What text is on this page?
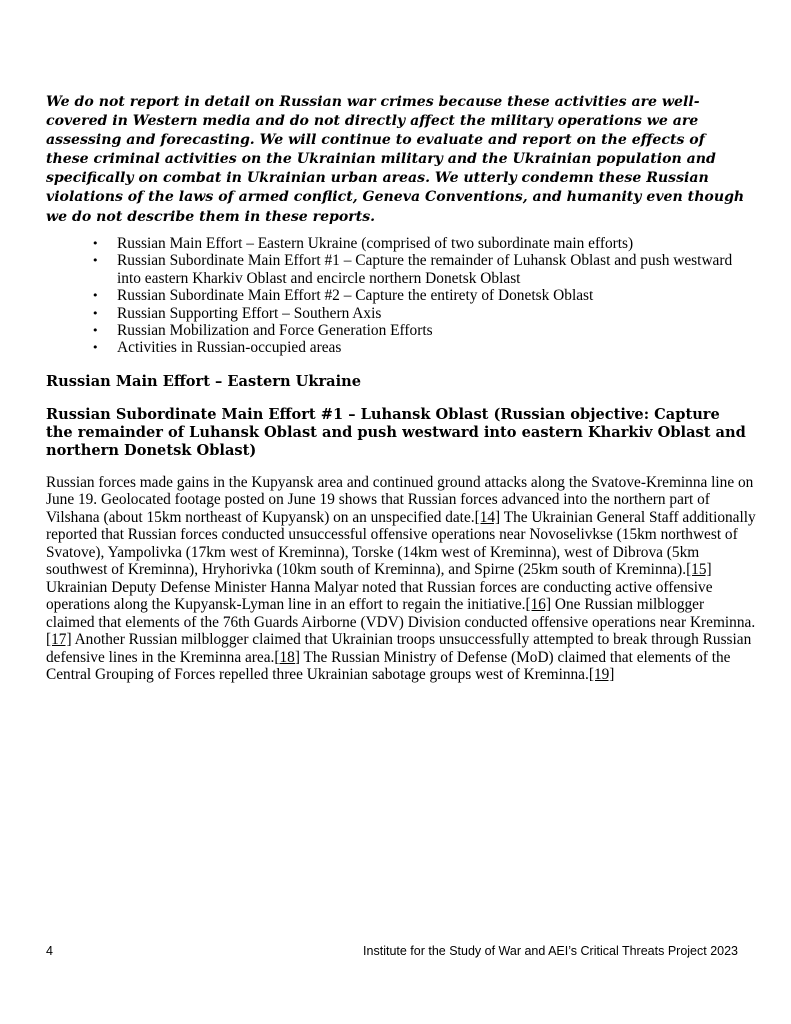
We do not report in detail on Russian war crimes because these activities are well-covered in Western media and do not directly affect the military operations we are assessing and forecasting. We will continue to evaluate and report on the effects of these criminal activities on the Ukrainian military and the Ukrainian population and specifically on combat in Ukrainian urban areas. We utterly condemn these Russian violations of the laws of armed conflict, Geneva Conventions, and humanity even though we do not describe them in these reports.

• Russian Main Effort – Eastern Ukraine (comprised of two subordinate main efforts)
• Russian Subordinate Main Effort #1 – Capture the remainder of Luhansk Oblast and push westward into eastern Kharkiv Oblast and encircle northern Donetsk Oblast
• Russian Subordinate Main Effort #2 – Capture the entirety of Donetsk Oblast
• Russian Supporting Effort – Southern Axis
• Russian Mobilization and Force Generation Efforts
• Activities in Russian-occupied areas
Russian Main Effort – Eastern Ukraine
Russian Subordinate Main Effort #1 – Luhansk Oblast (Russian objective: Capture the remainder of Luhansk Oblast and push westward into eastern Kharkiv Oblast and northern Donetsk Oblast)

Russian forces made gains in the Kupyansk area and continued ground attacks along the Svatove-Kreminna line on June 19. Geolocated footage posted on June 19 shows that Russian forces advanced into the northern part of Vilshana (about 15km northeast of Kupyansk) on an unspecified date.[14] The Ukrainian General Staff additionally reported that Russian forces conducted unsuccessful offensive operations near Novoselivkse (15km northwest of Svatove), Yampolivka (17km west of Kreminna), Torske (14km west of Kreminna), west of Dibrova (5km southwest of Kreminna), Hryhorivka (10km south of Kreminna), and Spirne (25km south of Kreminna).[15] Ukrainian Deputy Defense Minister Hanna Malyar noted that Russian forces are conducting active offensive operations along the Kupyansk-Lyman line in an effort to regain the initiative.[16] One Russian milblogger claimed that elements of the 76th Guards Airborne (VDV) Division conducted offensive operations near Kreminna.[17] Another Russian milblogger claimed that Ukrainian troops unsuccessfully attempted to break through Russian defensive lines in the Kreminna area.[18] The Russian Ministry of Defense (MoD) claimed that elements of the Central Grouping of Forces repelled three Ukrainian sabotage groups west of Kreminna.[19]

4	Institute for the Study of War and AEI’s Critical Threats Project 2023
